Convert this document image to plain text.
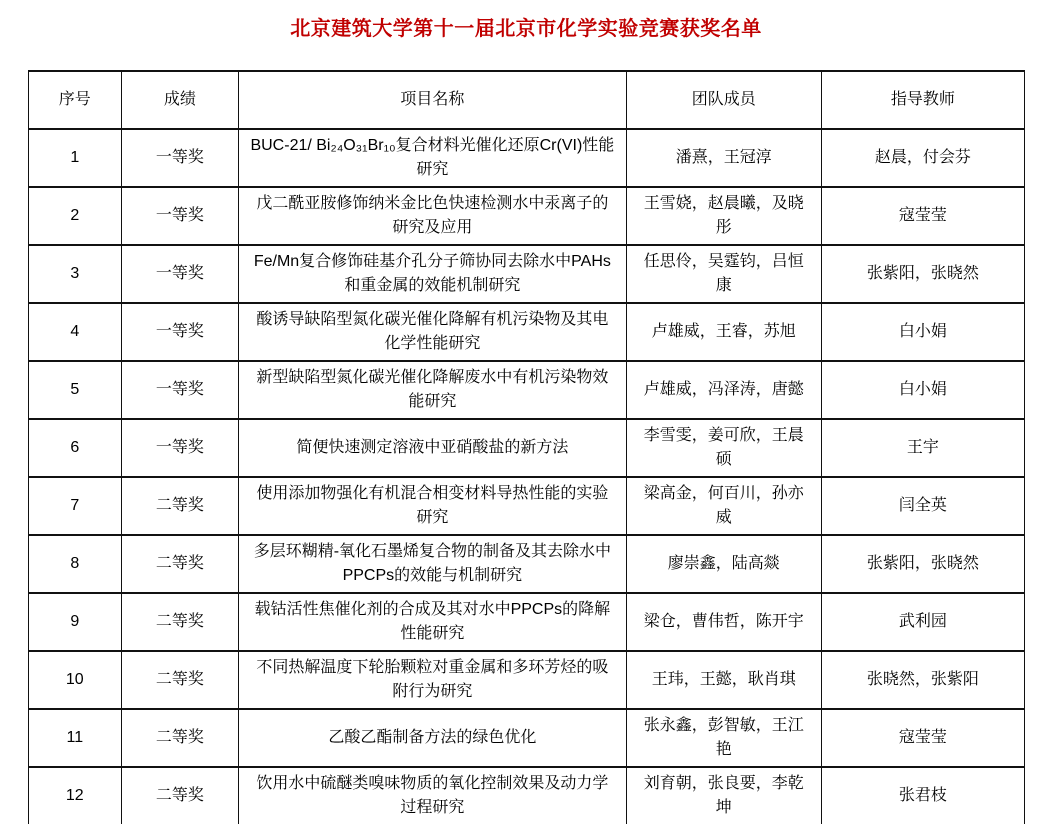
北京建筑大学第十一届北京市化学实验竞赛获奖名单
序号	成绩	项目名称	团队成员	指导教师
1	一等奖	BUC-21/ Bi₂₄O₃₁Br₁₀复合材料光催化还原Cr(VI)性能研究	潘熹，王冠淳	赵晨，付会芬
2	一等奖	戊二酰亚胺修饰纳米金比色快速检测水中汞离子的研究及应用	王雪娆，赵晨曦，及晓彤	寇莹莹
3	一等奖	Fe/Mn复合修饰硅基介孔分子筛协同去除水中PAHs和重金属的效能机制研究	任思伶，吴霆钧，吕恒康	张紫阳，张晓然
4	一等奖	酸诱导缺陷型氮化碳光催化降解有机污染物及其电化学性能研究	卢雄威，王睿，苏旭	白小娟
5	一等奖	新型缺陷型氮化碳光催化降解废水中有机污染物效能研究	卢雄威，冯泽涛，唐懿	白小娟
6	一等奖	简便快速测定溶液中亚硝酸盐的新方法	李雪雯，姜可欣，王晨硕	王宇
7	二等奖	使用添加物强化有机混合相变材料导热性能的实验研究	梁高金，何百川，孙亦威	闫全英
8	二等奖	多层环糊精-氧化石墨烯复合物的制备及其去除水中PPCPs的效能与机制研究	廖崇鑫，陆高燚	张紫阳，张晓然
9	二等奖	载钴活性焦催化剂的合成及其对水中PPCPs的降解性能研究	梁仓，曹伟哲，陈开宇	武利园
10	二等奖	不同热解温度下轮胎颗粒对重金属和多环芳烃的吸附行为研究	王玮，王懿，耿肖琪	张晓然，张紫阳
11	二等奖	乙酸乙酯制备方法的绿色优化	张永鑫，彭智敏，王江艳	寇莹莹
12	二等奖	饮用水中硫醚类嗅味物质的氧化控制效果及动力学过程研究	刘育朝，张良要，李乾坤	张君枝
